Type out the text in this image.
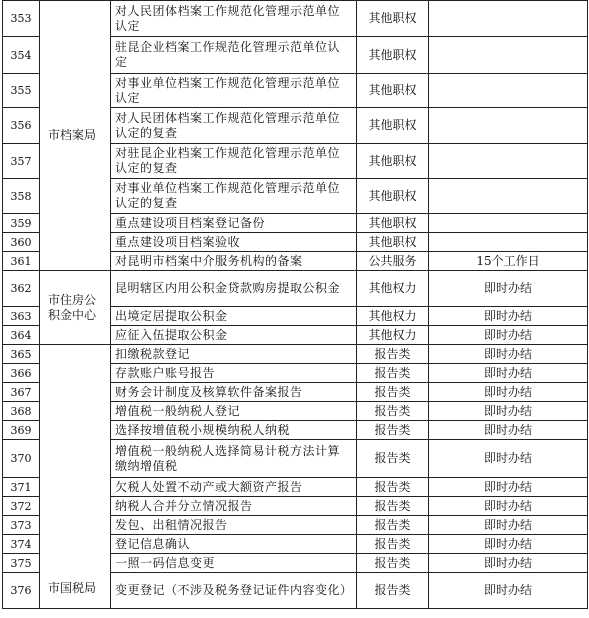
353	市档案局	对人民团体档案工作规范化管理示范单位认定	其他职权	
354		驻昆企业档案工作规范化管理示范单位认定	其他职权	
355		对事业单位档案工作规范化管理示范单位认定	其他职权	
356		对人民团体档案工作规范化管理示范单位认定的复查	其他职权	
357		对驻昆企业档案工作规范化管理示范单位认定的复查	其他职权	
358		对事业单位档案工作规范化管理示范单位认定的复查	其他职权	
359		重点建设项目档案登记备份	其他职权	
360		重点建设项目档案验收	其他职权	
361		对昆明市档案中介服务机构的备案	公共服务	15个工作日
362	市住房公积金中心	昆明辖区内用公积金贷款购房提取公积金	其他权力	即时办结
363		出境定居提取公积金	其他权力	即时办结
364		应征入伍提取公积金	其他权力	即时办结
365	市国税局	扣缴税款登记	报告类	即时办结
366		存款账户账号报告	报告类	即时办结
367		财务会计制度及核算软件备案报告	报告类	即时办结
368		增值税一般纳税人登记	报告类	即时办结
369		选择按增值税小规模纳税人纳税	报告类	即时办结
370		增值税一般纳税人选择简易计税方法计算缴纳增值税	报告类	即时办结
371		欠税人处置不动产或大额资产报告	报告类	即时办结
372		纳税人合并分立情况报告	报告类	即时办结
373		发包、出租情况报告	报告类	即时办结
374		登记信息确认	报告类	即时办结
375		一照一码信息变更	报告类	即时办结
376		变更登记（不涉及税务登记证件内容变化）	报告类	即时办结
